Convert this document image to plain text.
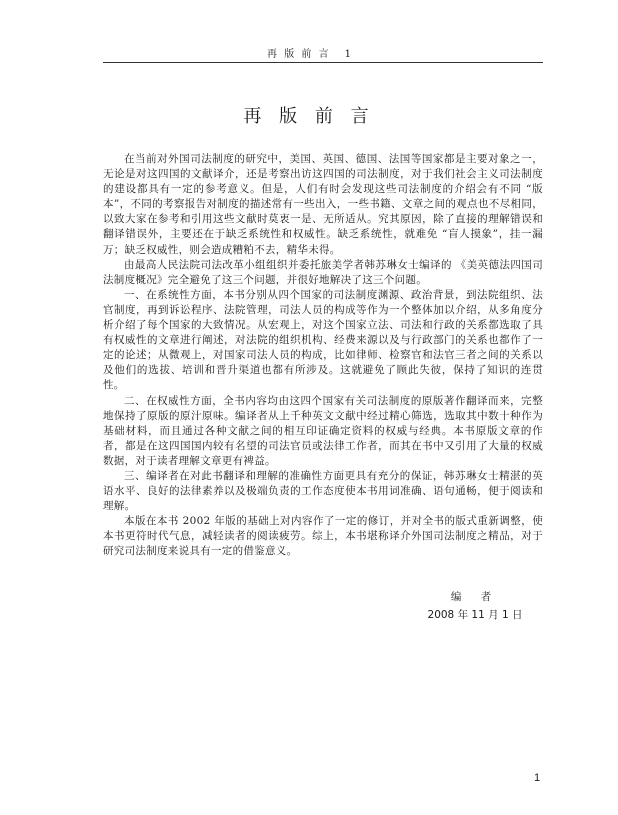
再 版 前 言 1
再 版 前 言

在当前对外国司法制度的研究中，美国、英国、德国、法国等国家都是主要对象之一，无论是对这四国的文献译介，还是考察出访这四国的司法制度，对于我们社会主义司法制度的建设都具有一定的参考意义。但是，人们有时会发现这些司法制度的介绍会有不同 “版本”，不同的考察报告对制度的描述常有一些出入，一些书籍、文章之间的观点也不尽相同，以致大家在参考和引用这些文献时莫衷一是、无所适从。究其原因，除了直接的理解错误和翻译错误外，主要还在于缺乏系统性和权威性。缺乏系统性，就难免 “盲人摸象”，挂一漏万；缺乏权威性，则会造成糟粕不去，精华未得。

由最高人民法院司法改革小组组织并委托旅美学者韩苏琳女士编译的 《美英德法四国司法制度概况》完全避免了这三个问题，并很好地解决了这三个问题。

一、在系统性方面，本书分别从四个国家的司法制度渊源、政治背景，到法院组织、法官制度，再到诉讼程序、法院管理，司法人员的构成等作为一个整体加以介绍，从多角度分析介绍了每个国家的大致情况。从宏观上，对这个国家立法、司法和行政的关系都选取了具有权威性的文章进行阐述，对法院的组织机构、经费来源以及与行政部门的关系也都作了一定的论述；从微观上，对国家司法人员的构成，比如律师、检察官和法官三者之间的关系以及他们的选拔、培训和晋升渠道也都有所涉及。这就避免了顾此失彼，保持了知识的连贯性。

二、在权威性方面，全书内容均由这四个国家有关司法制度的原版著作翻译而来，完整地保持了原版的原汁原味。编译者从上千种英文文献中经过精心筛选，选取其中数十种作为基础材料，而且通过各种文献之间的相互印证确定资料的权威与经典。本书原版文章的作者，都是在这四国国内较有名望的司法官员或法律工作者，而其在书中又引用了大量的权威数据，对于读者理解文章更有裨益。

三、编译者在对此书翻译和理解的准确性方面更具有充分的保证，韩苏琳女士精湛的英语水平、良好的法律素养以及极端负责的工作态度使本书用词准确、语句通畅，便于阅读和理解。

本版在本书 2002 年版的基础上对内容作了一定的修订，并对全书的版式重新调整，使本书更符时代气息，减轻读者的阅读疲劳。综上，本书堪称译介外国司法制度之精品，对于研究司法制度来说具有一定的借鉴意义。

编 者
2008 年 11 月 1 日
1
